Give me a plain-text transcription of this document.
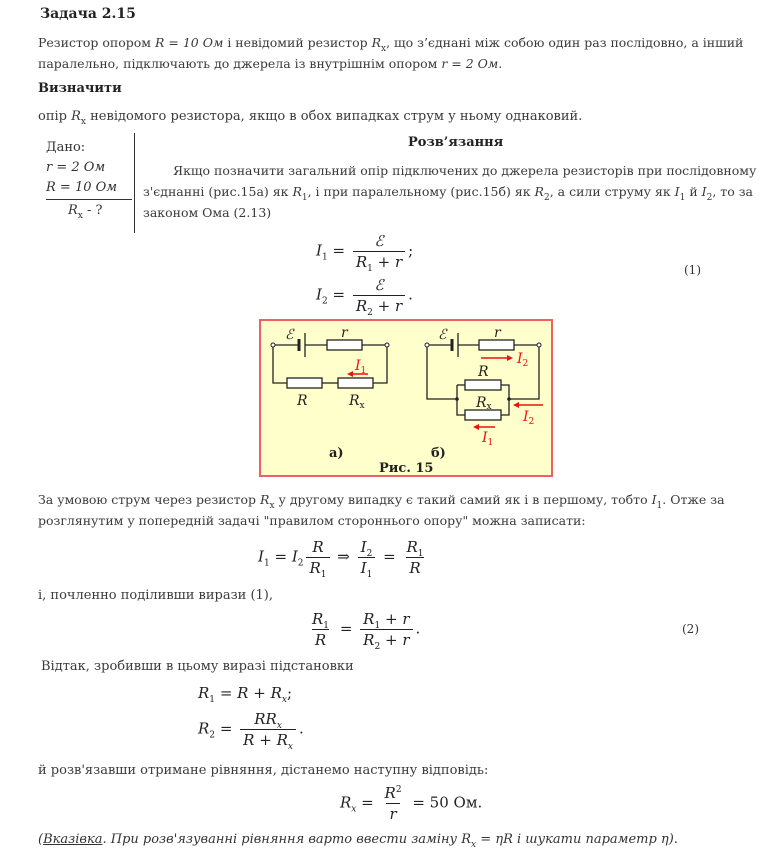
Задача 2.15
Резистор опором R = 10 Ом і невідомий резистор $R_x$, що з’єднані між собою один раз послідовно, а інший
паралельно, підключають до джерела із внутрішнім опором r = 2 Ом.
Визначити
опір $R_x$ невідомого резистора, якщо в обох випадках струм у ньому однаковий.
Дано:
r = 2 Ом
R = 10 Ом
$R_x$ - ?
Розв’язання
Якщо позначити загальний опір підключених до джерела резисторів при послідовному
з'єднанні (рис.15а) як $R_1$, і при паралельному (рис.15б) як $R_2$, а сили струму як $I_1$ й $I_2$, то за
законом Ома (2.13)
$I_1 = \frac{\text{ℰ}}{R_1 + r}$ ;
$I_2 = \frac{\text{ℰ}}{R_2 + r}$ .
(1)
ℰ	r
R	$R_x$
ℰ	r
R
Rx
$I_1$
$I_2$
$I_2$
$I_1$
а)	б)
Рис. 15
За умовою струм через резистор $R_x$ у другому випадку є такий самий як і в першому, тобто $I_1$. Отже за
розглянутим у попередній задачі "правилом стороннього опору" можна записати:
$I_1 = I_2 \frac{R}{R_1}$ ⇒ $\frac{I_2}{I_1} = \frac{R_1}{R}$
і, почленно поділивши вирази (1),
$\frac{R_1}{R} = \frac{R_1 + r}{R_2 + r}$ .	(2)
Відтак, зробивши в цьому виразі підстановки
$R_1 = R + R_x$;
$R_2 = \frac{RR_x}{R + R_x}$ .
й розв'язавши отримане рівняння, дістанемо наступну відповідь:
$R_x = \frac{R^2}{r} = 50$ Ом.
(Вказівка. При розв'язуванні рівняння варто ввести заміну $R_x = \eta R$ і шукати параметр η).
